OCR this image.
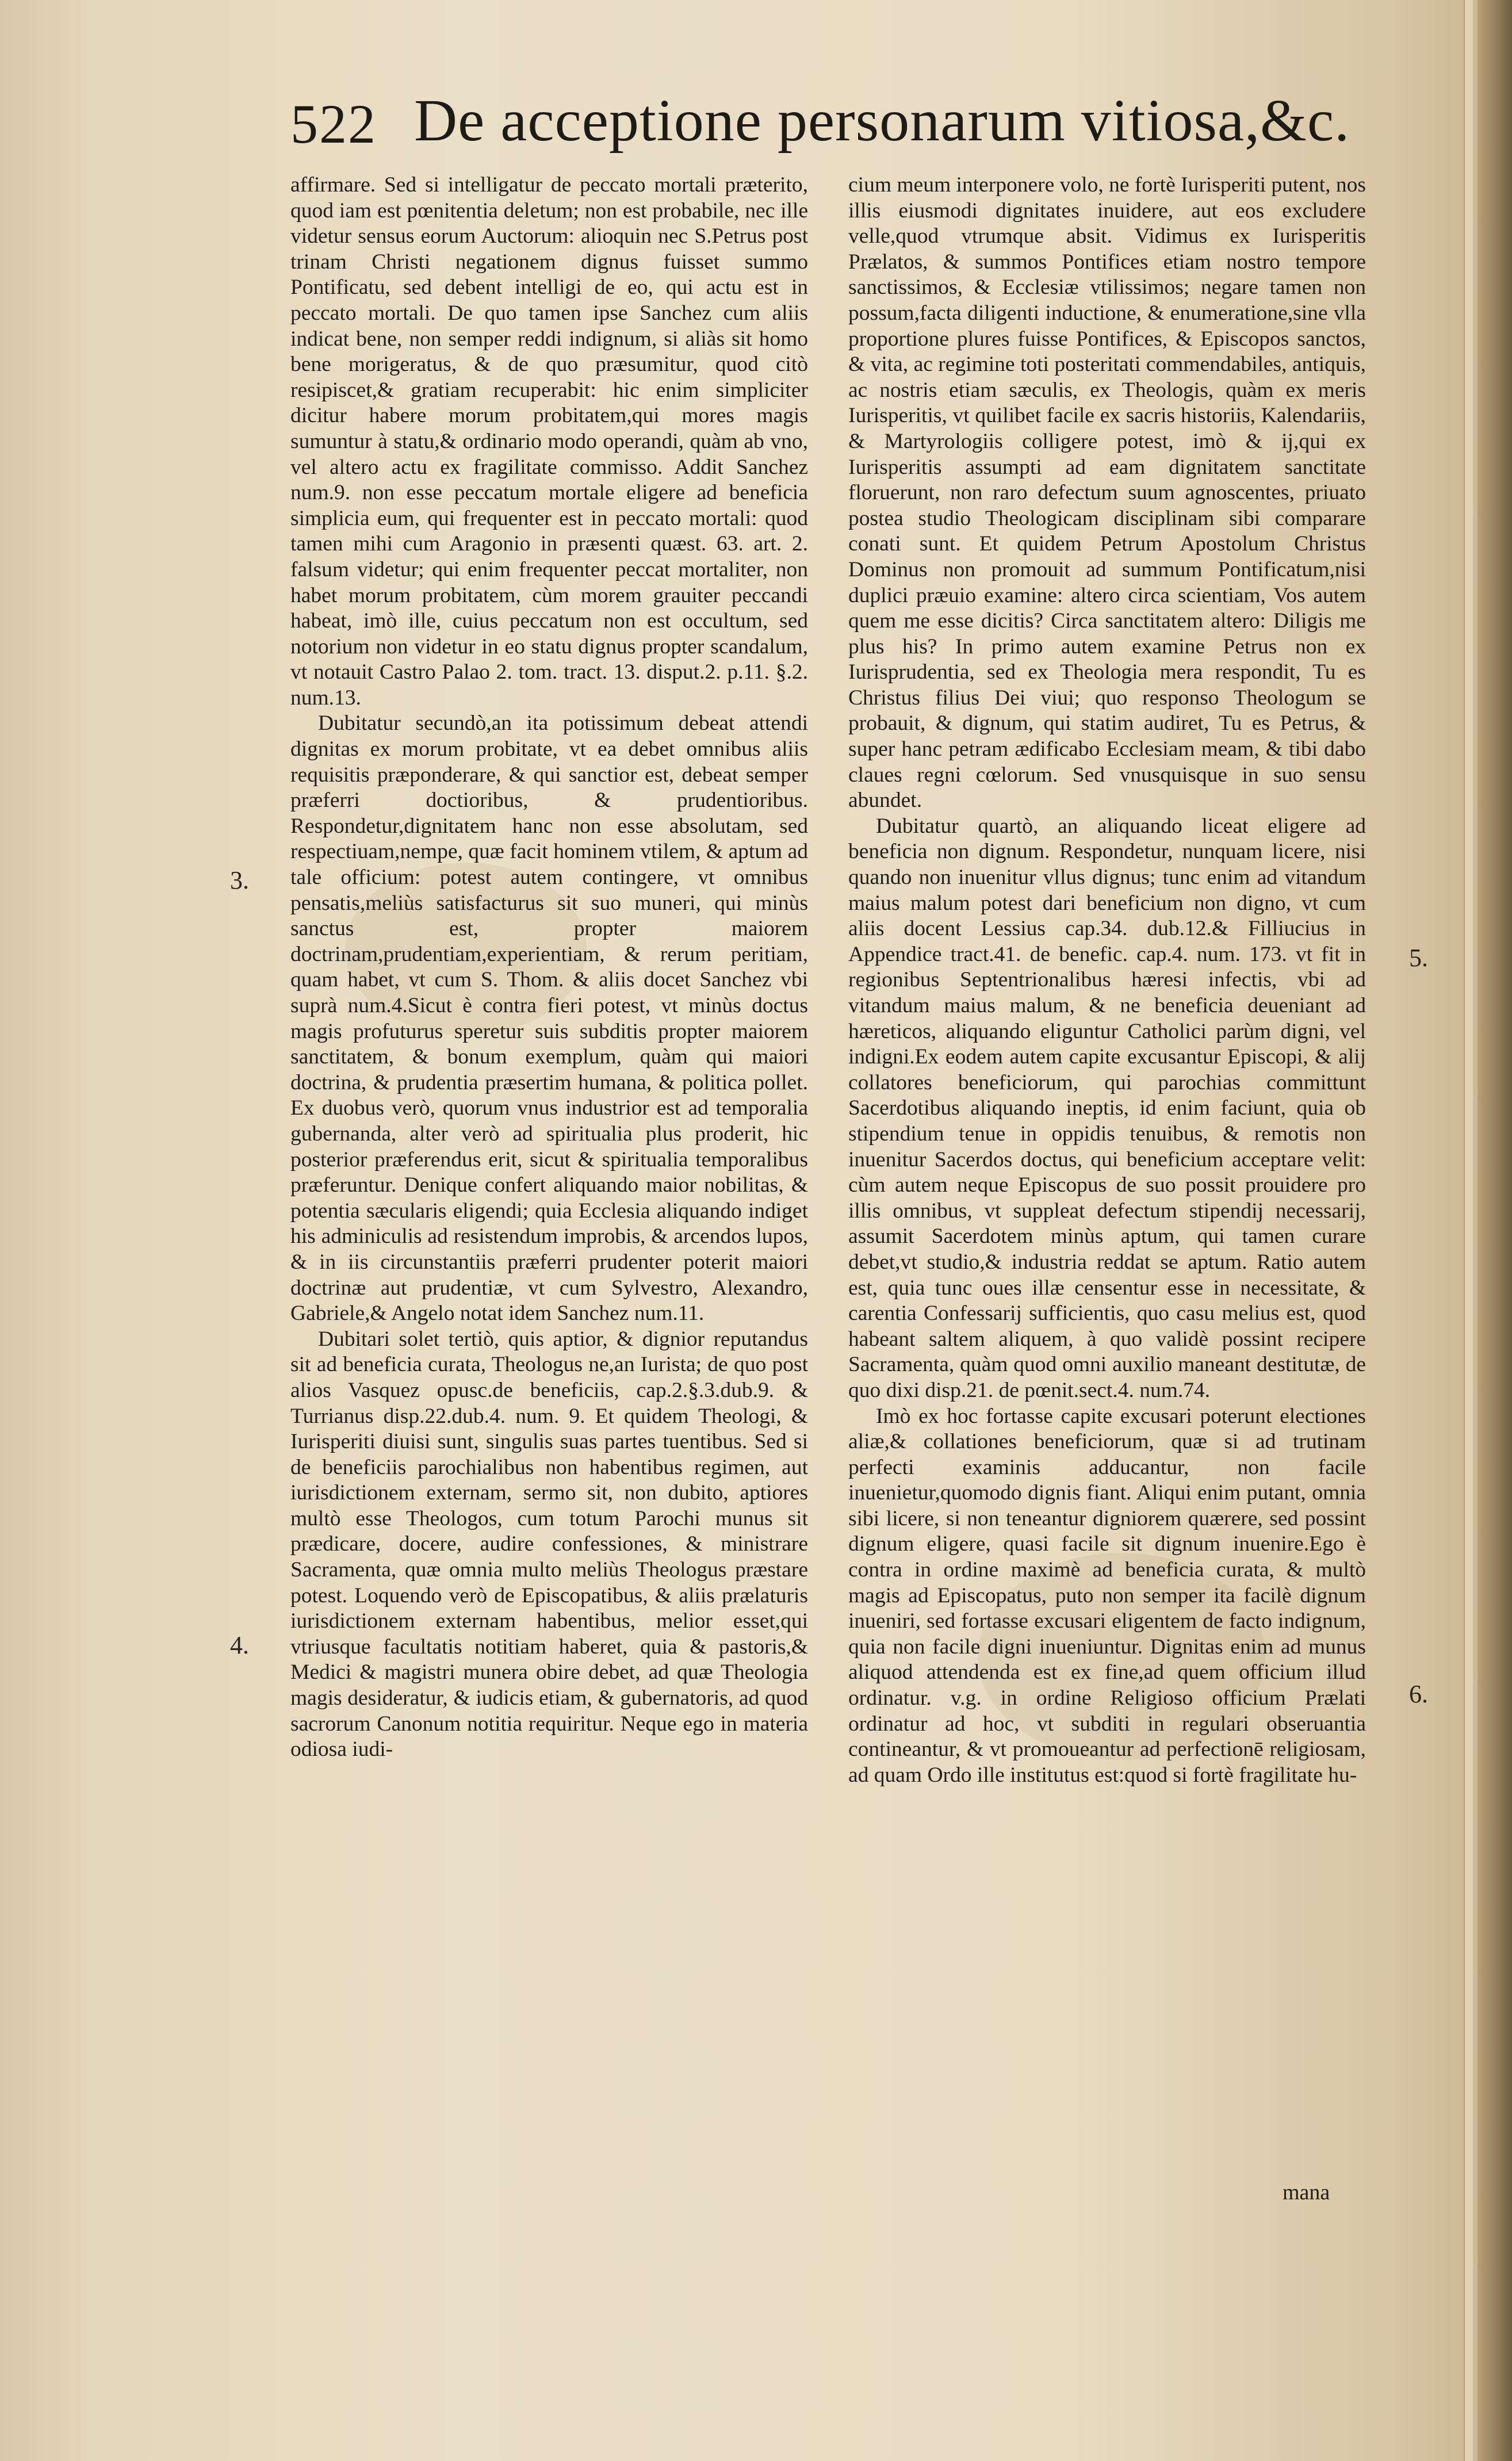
522 De acceptione personarum vitiosa,&c.

affirmare. Sed si intelligatur de peccato mortali præterito, quod iam est pœnitentia deletum; non est probabile, nec ille videtur sensus eorum Auctorum: alioquin nec S.Petrus post trinam Christi negationem dignus fuisset summo Pontificatu, sed debent intelligi de eo, qui actu est in peccato mortali. De quo tamen ipse Sanchez cum aliis indicat bene, non semper reddi indignum, si aliàs sit homo bene morigeratus, & de quo præsumitur, quod citò resipiscet,& gratiam recuperabit: hic enim simpliciter dicitur habere morum probitatem,qui mores magis sumuntur à statu,& ordinario modo operandi, quàm ab vno, vel altero actu ex fragilitate commisso. Addit Sanchez num.9. non esse peccatum mortale eligere ad beneficia simplicia eum, qui frequenter est in peccato mortali: quod tamen mihi cum Aragonio in præsenti quæst. 63. art. 2. falsum videtur; qui enim frequenter peccat mortaliter, non habet morum probitatem, cùm morem grauiter peccandi habeat, imò ille, cuius peccatum non est occultum, sed notorium non videtur in eo statu dignus propter scandalum, vt notauit Castro Palao 2. tom. tract. 13. disput.2. p.11. §.2. num.13.

Dubitatur secundò,an ita potissimum debeat attendi dignitas ex morum probitate, vt ea debet omnibus aliis requisitis præponderare, & qui sanctior est, debeat semper præferri doctioribus, & prudentioribus. Respondetur,dignitatem hanc non esse absolutam, sed respectiuam,nempe, quæ facit hominem vtilem, & aptum ad tale officium: potest autem contingere, vt omnibus pensatis,meliùs satisfacturus sit suo muneri, qui minùs sanctus est, propter maiorem doctrinam,prudentiam,experientiam, & rerum peritiam, quam habet, vt cum S. Thom. & aliis docet Sanchez vbi suprà num.4.Sicut è contra fieri potest, vt minùs doctus magis profuturus speretur suis subditis propter maiorem sanctitatem, & bonum exemplum, quàm qui maiori doctrina, & prudentia præsertim humana, & politica pollet. Ex duobus verò, quorum vnus industrior est ad temporalia gubernanda, alter verò ad spiritualia plus proderit, hic posterior præferendus erit, sicut & spiritualia temporalibus præferuntur. Denique confert aliquando maior nobilitas, & potentia sæcularis eligendi; quia Ecclesia aliquando indiget his adminiculis ad resistendum improbis, & arcendos lupos, & in iis circunstantiis præferri prudenter poterit maiori doctrinæ aut prudentiæ, vt cum Sylvestro, Alexandro, Gabriele,& Angelo notat idem Sanchez num.11.

Dubitari solet tertiò, quis aptior, & dignior reputandus sit ad beneficia curata, Theologus ne,an Iurista; de quo post alios Vasquez opusc.de beneficiis, cap.2.§.3.dub.9. & Turrianus disp.22.dub.4. num. 9. Et quidem Theologi, & Iurisperiti diuisi sunt, singulis suas partes tuentibus. Sed si de beneficiis parochialibus non habentibus regimen, aut iurisdictionem externam, sermo sit, non dubito, aptiores multò esse Theologos, cum totum Parochi munus sit prædicare, docere, audire confessiones, & ministrare Sacramenta, quæ omnia multo meliùs Theologus præstare potest. Loquendo verò de Episcopatibus, & aliis prælaturis iurisdictionem externam habentibus, melior esset,qui vtriusque facultatis notitiam haberet, quia & pastoris,& Medici & magistri munera obire debet, ad quæ Theologia magis desideratur, & iudicis etiam, & gubernatoris, ad quod sacrorum Canonum notitia requiritur. Neque ego in materia odiosa iudi-

cium meum interponere volo, ne fortè Iurisperiti putent, nos illis eiusmodi dignitates inuidere, aut eos excludere velle,quod vtrumque absit. Vidimus ex Iurisperitis Prælatos, & summos Pontifices etiam nostro tempore sanctissimos, & Ecclesiæ vtilissimos; negare tamen non possum,facta diligenti inductione, & enumeratione,sine vlla proportione plures fuisse Pontifices, & Episcopos sanctos, & vita, ac regimine toti posteritati commendabiles, antiquis, ac nostris etiam sæculis, ex Theologis, quàm ex meris Iurisperitis, vt quilibet facile ex sacris historiis, Kalendariis, & Martyrologiis colligere potest, imò & ij,qui ex Iurisperitis assumpti ad eam dignitatem sanctitate floruerunt, non raro defectum suum agnoscentes, priuato postea studio Theologicam disciplinam sibi comparare conati sunt. Et quidem Petrum Apostolum Christus Dominus non promouit ad summum Pontificatum,nisi duplici præuio examine: altero circa scientiam, Vos autem quem me esse dicitis? Circa sanctitatem altero: Diligis me plus his? In primo autem examine Petrus non ex Iurisprudentia, sed ex Theologia mera respondit, Tu es Christus filius Dei viui; quo responso Theologum se probauit, & dignum, qui statim audiret, Tu es Petrus, & super hanc petram ædificabo Ecclesiam meam, & tibi dabo claues regni cœlorum. Sed vnusquisque in suo sensu abundet.

Dubitatur quartò, an aliquando liceat eligere ad beneficia non dignum. Respondetur, nunquam licere, nisi quando non inuenitur vllus dignus; tunc enim ad vitandum maius malum potest dari beneficium non digno, vt cum aliis docent Lessius cap.34. dub.12.& Filliucius in Appendice tract.41. de benefic. cap.4. num. 173. vt fit in regionibus Septentrionalibus hæresi infectis, vbi ad vitandum maius malum, & ne beneficia deueniant ad hæreticos, aliquando eliguntur Catholici parùm digni, vel indigni.Ex eodem autem capite excusantur Episcopi, & alij collatores beneficiorum, qui parochias committunt Sacerdotibus aliquando ineptis, id enim faciunt, quia ob stipendium tenue in oppidis tenuibus, & remotis non inuenitur Sacerdos doctus, qui beneficium acceptare velit: cùm autem neque Episcopus de suo possit prouidere pro illis omnibus, vt suppleat defectum stipendij necessarij, assumit Sacerdotem minùs aptum, qui tamen curare debet,vt studio,& industria reddat se aptum. Ratio autem est, quia tunc oues illæ censentur esse in necessitate, & carentia Confessarij sufficientis, quo casu melius est, quod habeant saltem aliquem, à quo validè possint recipere Sacramenta, quàm quod omni auxilio maneant destitutæ, de quo dixi disp.21. de pœnit.sect.4. num.74.

Imò ex hoc fortasse capite excusari poterunt electiones aliæ,& collationes beneficiorum, quæ si ad trutinam perfecti examinis adducantur, non facile inuenietur,quomodo dignis fiant. Aliqui enim putant, omnia sibi licere, si non teneantur digniorem quærere, sed possint dignum eligere, quasi facile sit dignum inuenire.Ego è contra in ordine maximè ad beneficia curata, & multò magis ad Episcopatus, puto non semper ita facilè dignum inueniri, sed fortasse excusari eligentem de facto indignum, quia non facile digni inueniuntur. Dignitas enim ad munus aliquod attendenda est ex fine,ad quem officium illud ordinatur. v.g. in ordine Religioso officium Prælati ordinatur ad hoc, vt subditi in regulari obseruantia contineantur, & vt promoueantur ad perfectionē religiosam, ad quam Ordo ille institutus est:quod si fortè fragilitate hu-

3.
4.
5.
6.
mana
